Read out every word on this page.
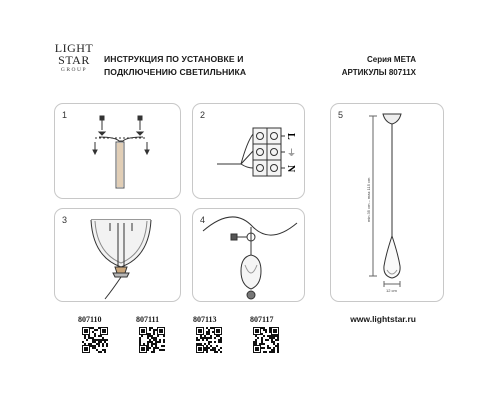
LIGHT
STAR
GROUP
ИНСТРУКЦИЯ ПО УСТАНОВКЕ И
ПОДКЛЮЧЕНИЮ СВЕТИЛЬНИКА
Серия META
АРТИКУЛЫ 80711X
1	2
L
⏚
N
3	4
5
min 35 cm – max 115 cm
12 cm
807110	807111	807113	807117	www.lightstar.ru
